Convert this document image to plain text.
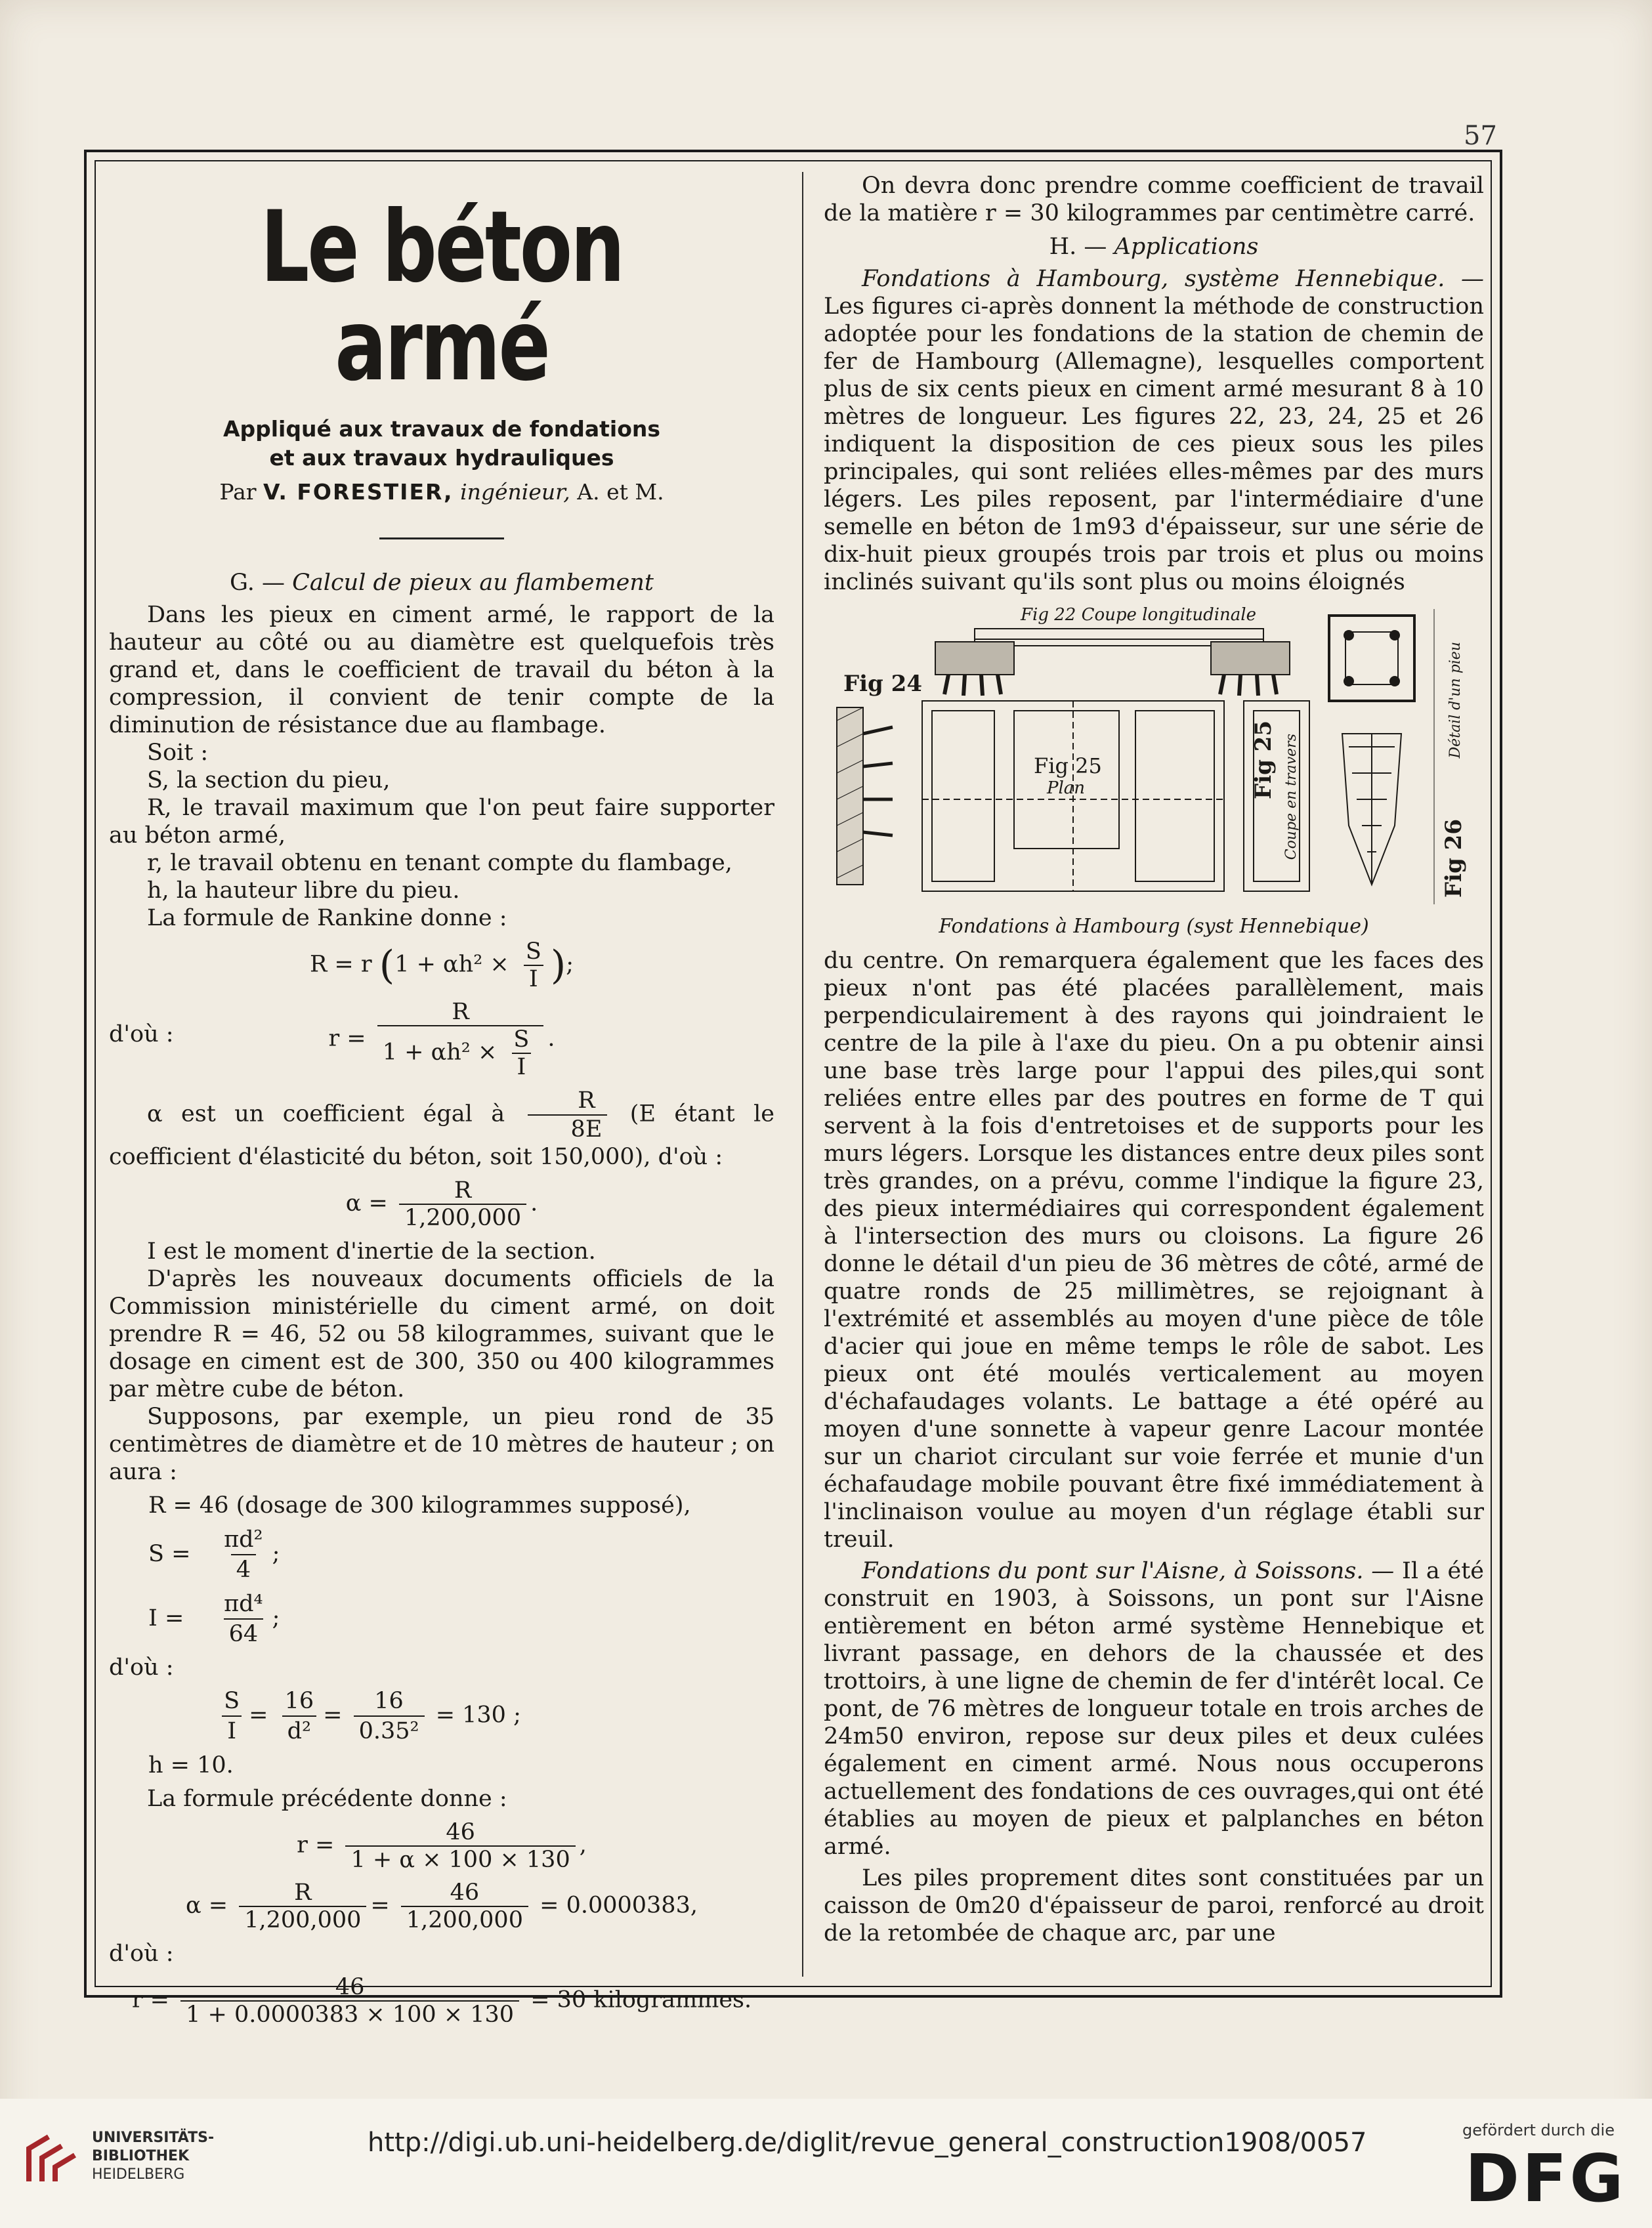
57
Le béton armé
Appliqué aux travaux de fondations
et aux travaux hydrauliques
Par V. FORESTIER, ingénieur, A. et M.
G. — Calcul de pieux au flambement

Dans les pieux en ciment armé, le rapport de la hauteur au côté ou au diamètre est quelquefois très grand et, dans le coefficient de travail du béton à la compression, il convient de tenir compte de la diminution de résistance due au flambage.

Soit :

S, la section du pieu,

R, le travail maximum que l'on peut faire supporter au béton armé,

r, le travail obtenu en tenant compte du flambage,

h, la hauteur libre du pieu.

La formule de Rankine donne :

R = r ($1 + \alpha h^2 \times \frac{S}{I}$ );
d'où :	$r = \frac{R}{1 + \alpha h^2 \times \frac{S}{I}}$ .

α est un coefficient égal à $\frac{R}{8E} (E$ étant le coefficient d'élasticité du béton, soit 150,000), d'où :

$\alpha = \frac{R}{1,200,000}$ .

I est le moment d'inertie de la section.

D'après les nouveaux documents officiels de la Commission ministérielle du ciment armé, on doit prendre R = 46, 52 ou 58 kilogrammes, suivant que le dosage en ciment est de 300, 350 ou 400 kilogrammes par mètre cube de béton.

Supposons, par exemple, un pieu rond de 35 centimètres de diamètre et de 10 mètres de hauteur ; on aura :

R = 46 (dosage de 300 kilogrammes supposé),
$S = \frac{\text{πd²}}{4}$ ;
$I = \frac{\text{πd⁴}}{64}$ ;

d'où :

$\frac{S}{I} = \frac{16}{\text{d²}} = \frac{16}{\text{0.35²}} = 130$ ;
h = 10.

La formule précédente donne :

$r = \frac{46}{1 + \alpha \times 100 \times 130}$ ,
$\alpha = \frac{R}{1,200,000} = \frac{46}{1,200,000} = 0.0000383$,

d'où :

$r = \frac{46}{1 + 0.0000383 \times 100 \times 130} = 30$ kilogrammes.

On devra donc prendre comme coefficient de travail de la matière r = 30 kilogrammes par centimètre carré.

H. — Applications

Fondations à Hambourg, système Hennebique. — Les figures ci-après donnent la méthode de construction adoptée pour les fondations de la station de chemin de fer de Hambourg (Allemagne), lesquelles comportent plus de six cents pieux en ciment armé mesurant 8 à 10 mètres de longueur. Les figures 22, 23, 24, 25 et 26 indiquent la disposition de ces pieux sous les piles principales, qui sont reliées elles-mêmes par des murs légers. Les piles reposent, par l'intermédiaire d'une semelle en béton de 1m93 d'épaisseur, sur une série de dix-huit pieux groupés trois par trois et plus ou moins inclinés suivant qu'ils sont plus ou moins éloignés

Fig 22 Coupe longitudinale
Fig 24
Fig 25
Plan	Fig 25 Coupe en travers	Fig 26
Détail d'un pieu
Fondations à Hambourg (syst Hennebique)

du centre. On remarquera également que les faces des pieux n'ont pas été placées parallèlement, mais perpendiculairement à des rayons qui joindraient le centre de la pile à l'axe du pieu. On a pu obtenir ainsi une base très large pour l'appui des piles,qui sont reliées entre elles par des poutres en forme de T qui servent à la fois d'entretoises et de supports pour les murs légers. Lorsque les distances entre deux piles sont très grandes, on a prévu, comme l'indique la figure 23, des pieux intermédiaires qui correspondent également à l'intersection des murs ou cloisons. La figure 26 donne le détail d'un pieu de 36 mètres de côté, armé de quatre ronds de 25 millimètres, se rejoignant à l'extrémité et assemblés au moyen d'une pièce de tôle d'acier qui joue en même temps le rôle de sabot. Les pieux ont été moulés verticalement au moyen d'échafaudages volants. Le battage a été opéré au moyen d'une sonnette à vapeur genre Lacour montée sur un chariot circulant sur voie ferrée et munie d'un échafaudage mobile pouvant être fixé immédiatement à l'inclinaison voulue au moyen d'un réglage établi sur treuil.

Fondations du pont sur l'Aisne, à Soissons. — Il a été construit en 1903, à Soissons, un pont sur l'Aisne entièrement en béton armé système Hennebique et livrant passage, en dehors de la chaussée et des trottoirs, à une ligne de chemin de fer d'intérêt local. Ce pont, de 76 mètres de longueur totale en trois arches de 24m50 environ, repose sur deux piles et deux culées également en ciment armé. Nous nous occuperons actuellement des fondations de ces ouvrages,qui ont été établies au moyen de pieux et palplanches en béton armé.

Les piles proprement dites sont constituées par un caisson de 0m20 d'épaisseur de paroi, renforcé au droit de la retombée de chaque arc, par une

UNIVERSITÄTS-
BIBLIOTHEK
HEIDELBERG
http://digi.ub.uni-heidelberg.de/diglit/revue_general_construction1908/0057	gefördert durch die
DFG
